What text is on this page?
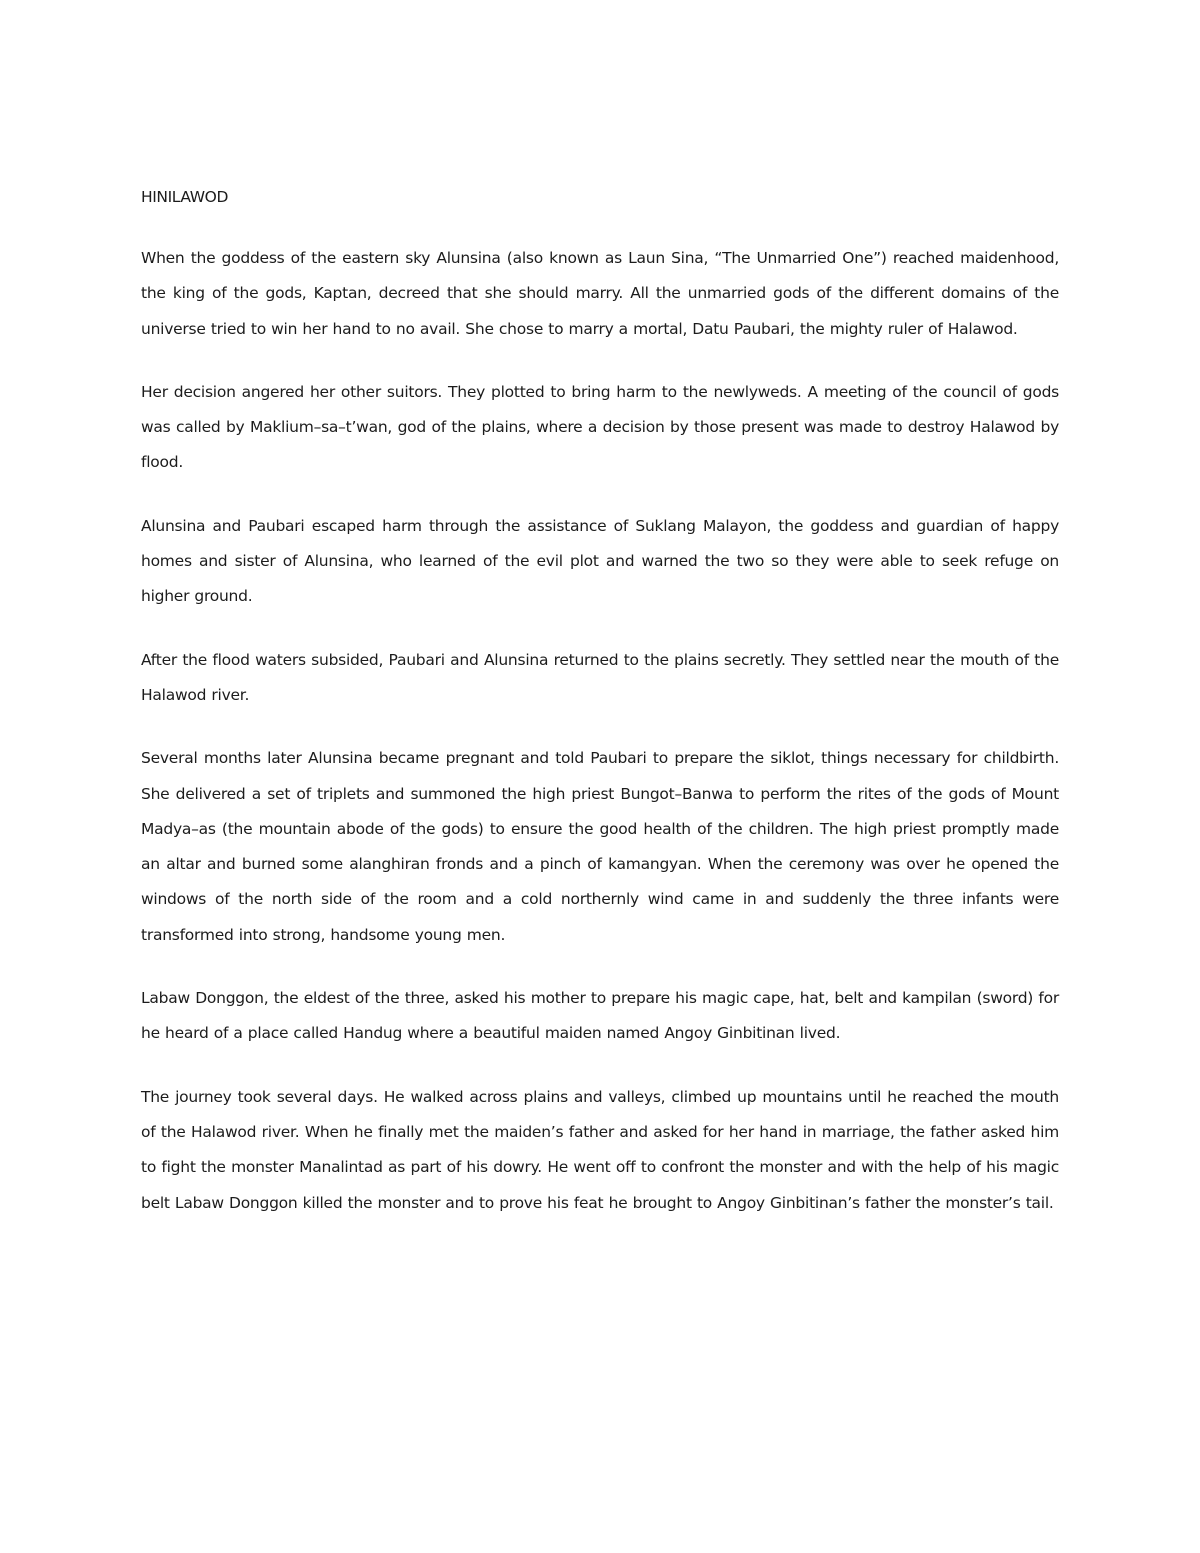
HINILAWOD

When the goddess of the eastern sky Alunsina (also known as Laun Sina, “The Unmarried One”) reached maidenhood, the king of the gods, Kaptan, decreed that she should marry. All the unmarried gods of the different domains of the universe tried to win her hand to no avail. She chose to marry a mortal, Datu Paubari, the mighty ruler of Halawod.

Her decision angered her other suitors. They plotted to bring harm to the newlyweds. A meeting of the council of gods was called by Maklium–sa–t’wan, god of the plains, where a decision by those present was made to destroy Halawod by flood.

Alunsina and Paubari escaped harm through the assistance of Suklang Malayon, the goddess and guardian of happy homes and sister of Alunsina, who learned of the evil plot and warned the two so they were able to seek refuge on higher ground.

After the flood waters subsided, Paubari and Alunsina returned to the plains secretly. They settled near the mouth of the Halawod river.

Several months later Alunsina became pregnant and told Paubari to prepare the siklot, things necessary for childbirth. She delivered a set of triplets and summoned the high priest Bungot–Banwa to perform the rites of the gods of Mount Madya–as (the mountain abode of the gods) to ensure the good health of the children. The high priest promptly made an altar and burned some alanghiran fronds and a pinch of kamangyan. When the ceremony was over he opened the windows of the north side of the room and a cold northernly wind came in and suddenly the three infants were transformed into strong, handsome young men.

Labaw Donggon, the eldest of the three, asked his mother to prepare his magic cape, hat, belt and kampilan (sword) for he heard of a place called Handug where a beautiful maiden named Angoy Ginbitinan lived.

The journey took several days. He walked across plains and valleys, climbed up mountains until he reached the mouth of the Halawod river. When he finally met the maiden’s father and asked for her hand in marriage, the father asked him to fight the monster Manalintad as part of his dowry. He went off to confront the monster and with the help of his magic belt Labaw Donggon killed the monster and to prove his feat he brought to Angoy Ginbitinan’s father the monster’s tail.
